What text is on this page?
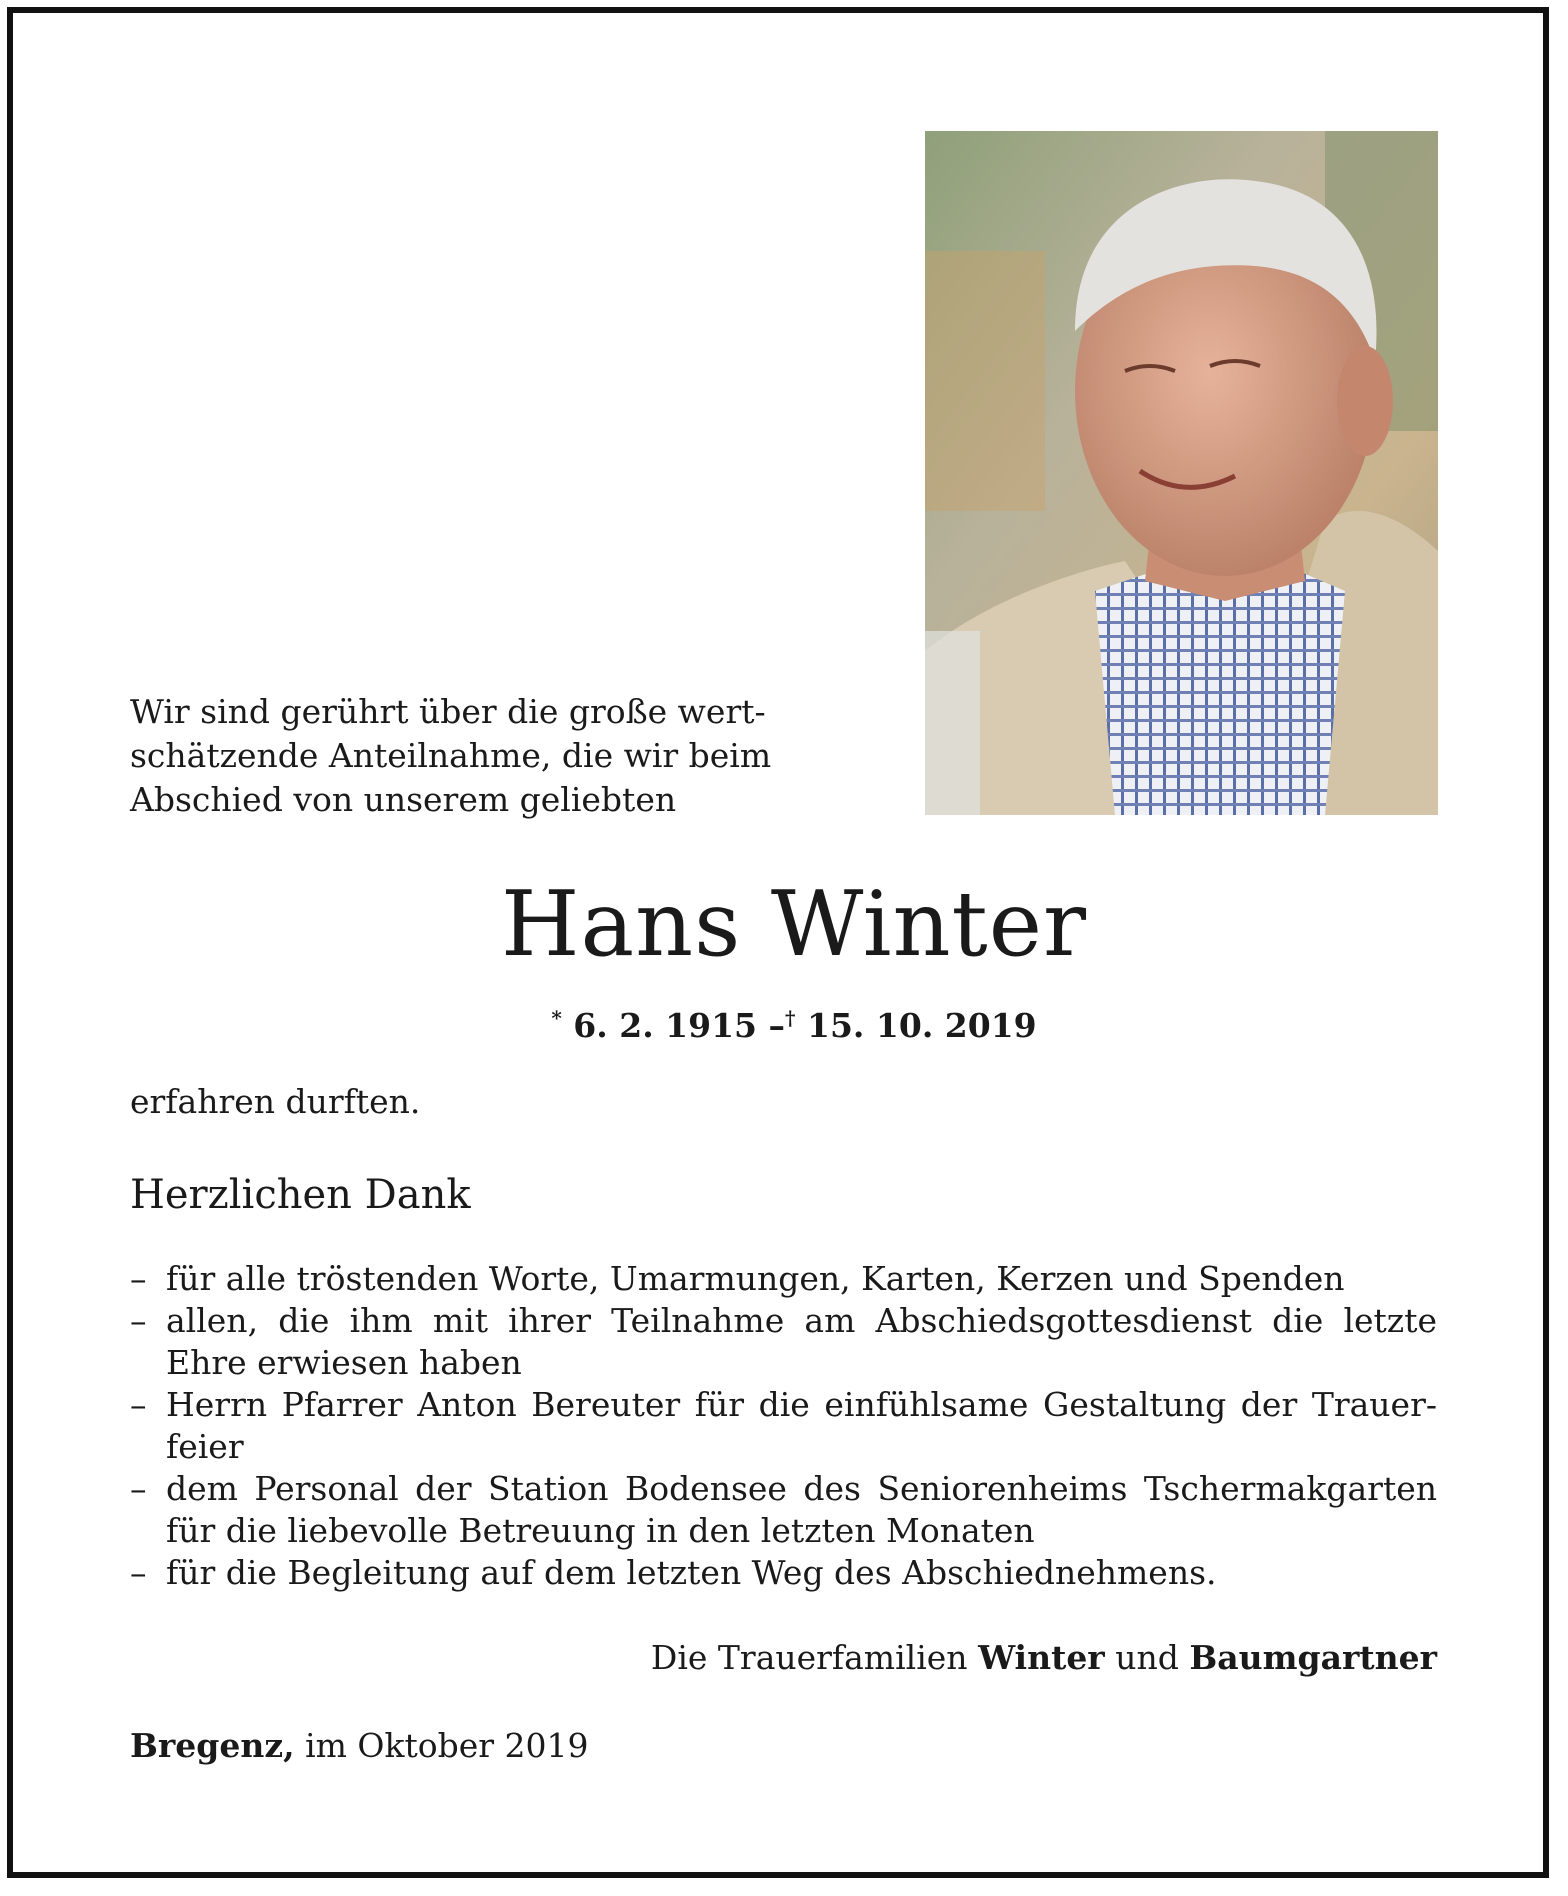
Wir sind gerührt über die große wert-
schätzende Anteilnahme, die wir beim
Abschied von unserem geliebten
Hans Winter
* 6. 2. 1915 –† 15. 10. 2019
erfahren durften.
Herzlichen Dank
– für alle tröstenden Worte, Umarmungen, Karten, Kerzen und Spenden
– allen, die ihm mit ihrer Teilnahme am Abschiedsgottesdienst die letzte Ehre erwiesen haben
– Herrn Pfarrer Anton Bereuter für die einfühlsame Gestaltung der Trauer-feier
– dem Personal der Station Bodensee des Seniorenheims Tschermakgarten für die liebevolle Betreuung in den letzten Monaten
– für die Begleitung auf dem letzten Weg des Abschiednehmens.
Die Trauerfamilien Winter und Baumgartner
Bregenz, im Oktober 2019
